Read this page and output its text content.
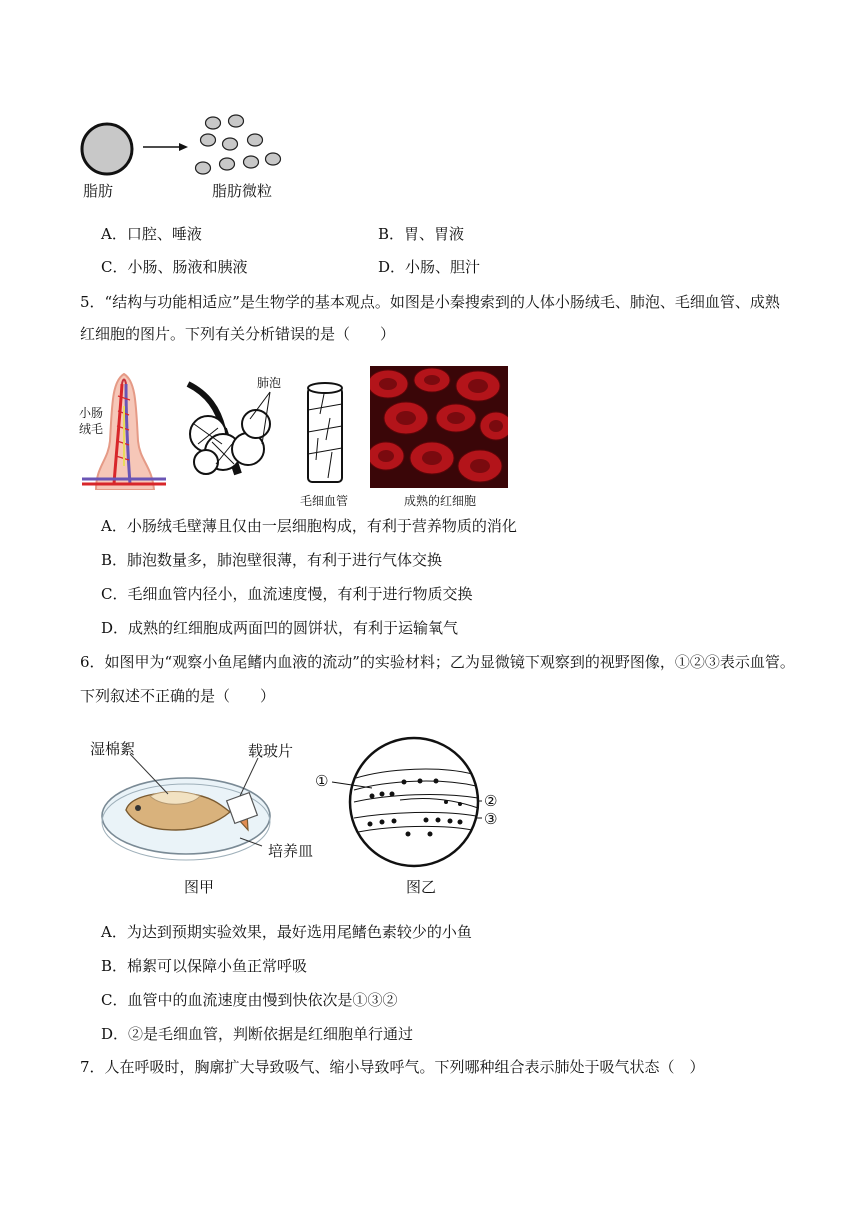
脂肪	脂肪微粒
A．口腔、唾液	B．胃、胃液
C．小肠、肠液和胰液	D．小肠、胆汁
5．“结构与功能相适应”是生物学的基本观点。如图是小秦搜索到的人体小肠绒毛、肺泡、毛细血管、成熟
红细胞的图片。下列有关分析错误的是（　　）
小肠
绒毛
肺泡
毛细血管	成熟的红细胞
A．小肠绒毛壁薄且仅由一层细胞构成，有利于营养物质的消化
B．肺泡数量多，肺泡壁很薄，有利于进行气体交换
C．毛细血管内径小，血流速度慢，有利于进行物质交换
D．成熟的红细胞成两面凹的圆饼状，有利于运输氧气
6．如图甲为“观察小鱼尾鳍内血液的流动”的实验材料；乙为显微镜下观察到的视野图像，①②③表示血管。
下列叙述不正确的是（　　）
湿棉絮	载玻片
培养皿
图甲
①
②
③
图乙
A．为达到预期实验效果，最好选用尾鳍色素较少的小鱼
B．棉絮可以保障小鱼正常呼吸
C．血管中的血流速度由慢到快依次是①③②
D．②是毛细血管，判断依据是红细胞单行通过
7．人在呼吸时，胸廓扩大导致吸气、缩小导致呼气。下列哪种组合表示肺处于吸气状态（　）
